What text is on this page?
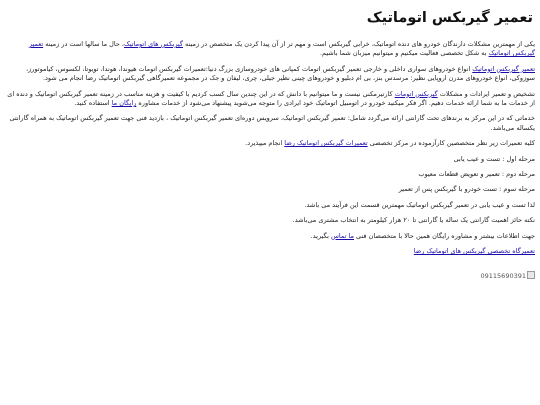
تعمیر گیربکس اتوماتیک

یکی از مهمترین مشکلات دارندگان خودرو های دنده اتوماتیک، خرابی گیربکس است و مهم تر از آن پیدا کردن یک متخصص در زمینه گیربکس های اتوماتیک، حال ما سالها است در زمینه تعمیر گیربکس اتوماتیک به شکل تخصصی فعالیت میکنیم و میتوانیم میزبان شما باشیم.

تعمیر گیربکس اتوماتیک انواع خودروهای سواری داخلی و خارجی تعمیر گیربکس اتومات کمپانی های خودروسازی بزرگ دنیا:تعمیرات گیربکس اتومات هیوندا، هوندا، تویوتا، لکسوس، کیاموتورز، سوزوکی، انواع خودروهای مدرن اروپایی نظیر: مرسدس بنز، بی ام دبلیو و خودروهای چینی نظیر جیلی، چری، لیفان و جک در مجموعه تعمیرگاهی گیربکس اتوماتیک رضا انجام می شود.

تشخیص و تعمیر ایرادات و مشکلات گیربکس اتومات کارتیرمکنی نیست و ما میتوانیم با دانش که در این چندین سال کسب کردیم با کیفیت و هزینه مناسب در زمینه تعمیر گیربکس اتوماتیک و دنده ای از خدمات ما به شما ارائه خدمات دهیم. اگر فکر میکنید خودرو در اتومبیل اتوماتیک خود ایرادی را متوجه می‌شوید پیشنهاد می‌شود از خدمات مشاوره رایگان ما استفاده کنید.

خدماتی که در این مرکز به برندهای تحت گارانتی ارائه می‌گردد شامل: تعمیر گیربکس اتوماتیک، سرویس دوره‌ای تعمیر گیربکس اتوماتیک ، بازدید فنی جهت تعمیر گیربکس اتوماتیک به همراه گارانتی یکساله می‌باشد.

کلیه تعمیرات زیر نظر متخصصین کارآزموده در مرکز تخصصی تعمیرات گیربکس اتوماتیک رضا انجام میپذیرد.

مرحله اول : تست و عیب یابی

مرحله دوم : تعمیر و تعویض قطعات معیوب

مرحله سوم : تست خودرو با گیربکس پس از تعمیر

لذا تست و عیب یابی در تعمیر گیربکس اتوماتیک مهمترین قسمت این فرآیند می باشد.

نکته حائز اهمیت گارانتی یک ساله یا گارانتی تا ۲۰ هزار کیلومتر به انتخاب مشتری می‌باشد.

جهت اطلاعات بیشتر و مشاوره رایگان همین حالا با متخصصان فنی ما تماس بگیرید.

تعمیرگاه تخصصی گیربکس های اتوماتیک رضا

09115690391
